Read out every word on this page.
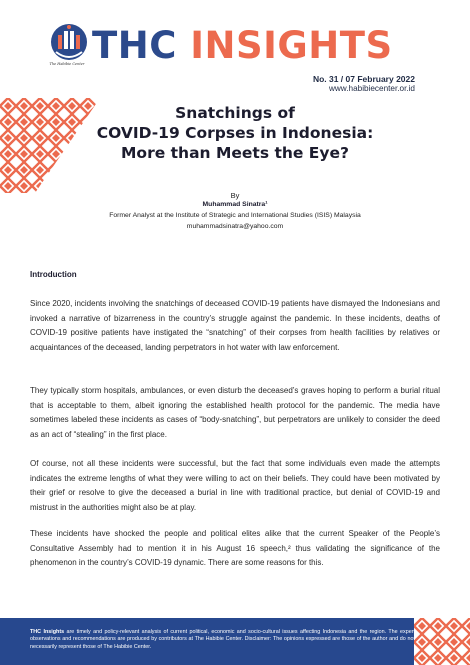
The Habibie Center THC INSIGHTS
No. 31 / 07 February 2022
www.habibiecenter.or.id
Snatchings of
COVID-19 Corpses in Indonesia:
More than Meets the Eye?
By
Muhammad Sinatra¹
Former Analyst at the Institute of Strategic and International Studies (ISIS) Malaysia
muhammadsinatra@yahoo.com
Introduction
Since 2020, incidents involving the snatchings of deceased COVID-19 patients have dismayed the Indonesians and invoked a narrative of bizarreness in the country’s struggle against the pandemic. In these incidents, deaths of COVID-19 positive patients have instigated the “snatching” of their corpses from health facilities by relatives or acquaintances of the deceased, landing perpetrators in hot water with law enforcement.
They typically storm hospitals, ambulances, or even disturb the deceased’s graves hoping to perform a burial ritual that is acceptable to them, albeit ignoring the established health protocol for the pandemic. The media have sometimes labeled these incidents as cases of “body-snatching”, but perpetrators are unlikely to consider the deed as an act of “stealing” in the first place.
Of course, not all these incidents were successful, but the fact that some individuals even made the attempts indicates the extreme lengths of what they were willing to act on their beliefs. They could have been motivated by their grief or resolve to give the deceased a burial in line with traditional practice, but denial of COVID-19 and mistrust in the authorities might also be at play.
These incidents have shocked the people and political elites alike that the current Speaker of the People’s Consultative Assembly had to mention it in his August 16 speech,² thus validating the significance of the phenomenon in the country’s COVID-19 dynamic. There are some reasons for this.
THC Insights are timely and policy-relevant analysis of current political, economic and socio-cultural issues affecting Indonesia and the region. The expert observations and recommendations are produced by contributors at The Habibie Center. Disclaimer: The opinions expressed are those of the author and do not necessarily represent those of The Habibie Center.
